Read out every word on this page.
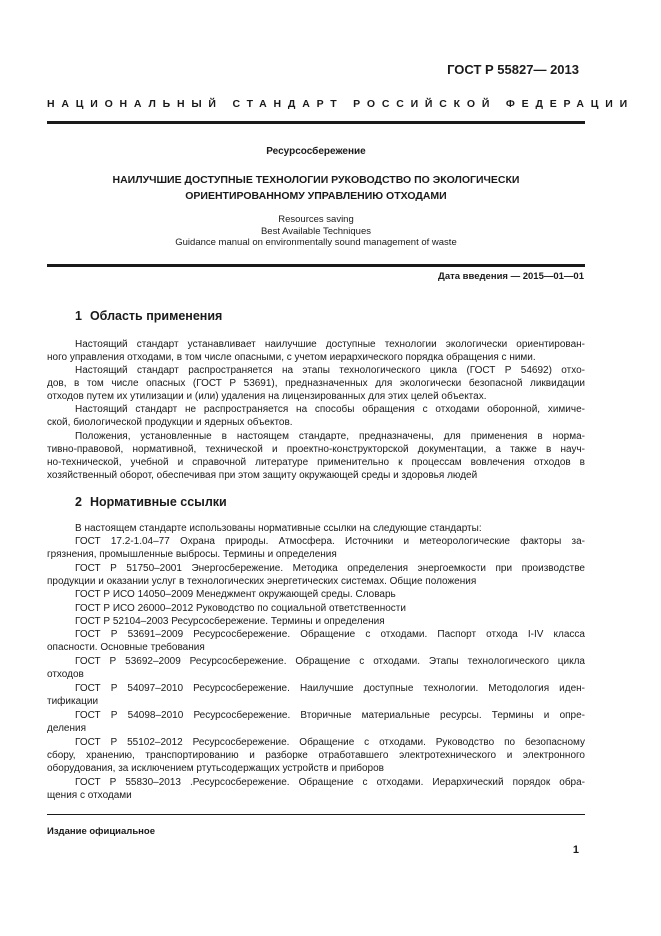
ГОСТ Р 55827— 2013
НАЦИОНАЛЬНЫЙ СТАНДАРТ РОССИЙСКОЙ ФЕДЕРАЦИИ
Ресурсосбережение
НАИЛУЧШИЕ ДОСТУПНЫЕ ТЕХНОЛОГИИ РУКОВОДСТВО ПО ЭКОЛОГИЧЕСКИ
ОРИЕНТИРОВАННОМУ УПРАВЛЕНИЮ ОТХОДАМИ
Resources saving
Best Available Techniques
Guidance manual on environmentally sound management of waste
Дата введения — 2015—01—01
1 Область применения
Настоящий стандарт устанавливает наилучшие доступные технологии экологически ориентирован-
ного управления отходами, в том числе опасными, с учетом иерархического порядка обращения с ними.
Настоящий стандарт распространяется на этапы технологического цикла (ГОСТ Р 54692) отхо-
дов, в том числе опасных (ГОСТ Р 53691), предназначенных для экологически безопасной ликвидации
отходов путем их утилизации и (или) удаления на лицензированных для этих целей объектах.
Настоящий стандарт не распространяется на способы обращения с отходами оборонной, химиче-
ской, биологической продукции и ядерных объектов.
Положения, установленные в настоящем стандарте, предназначены, для применения в норма-
тивно-правовой, нормативной, технической и проектно-конструкторской документации, а также в науч-
но-технической, учебной и справочной литературе применительно к процессам вовлечения отходов в
хозяйственный оборот, обеспечивая при этом защиту окружающей среды и здоровья людей
2 Нормативные ссылки
В настоящем стандарте использованы нормативные ссылки на следующие стандарты:
ГОСТ 17.2-1.04–77 Охрана природы. Атмосфера. Источники и метеорологические факторы за-
грязнения, промышленные выбросы. Термины и определения
ГОСТ Р 51750–2001 Энергосбережение. Методика определения энергоемкости при производстве
продукции и оказании услуг в технологических энергетических системах. Общие положения
ГОСТ Р ИСО 14050–2009 Менеджмент окружающей среды. Словарь
ГОСТ Р ИСО 26000–2012 Руководство по социальной ответственности
ГОСТ Р 52104–2003 Ресурсосбережение. Термины и определения
ГОСТ Р 53691–2009 Ресурсосбережение. Обращение с отходами. Паспорт отхода I-IV класса
опасности. Основные требования
ГОСТ Р 53692–2009 Ресурсосбережение. Обращение с отходами. Этапы технологического цикла
отходов
ГОСТ Р 54097–2010 Ресурсосбережение. Наилучшие доступные технологии. Методология иден-
тификации
ГОСТ Р 54098–2010 Ресурсосбережение. Вторичные материальные ресурсы. Термины и опре-
деления
ГОСТ Р 55102–2012 Ресурсосбережение. Обращение с отходами. Руководство по безопасному
сбору, хранению, транспортированию и разборке отработавшего электротехнического и электронного
оборудования, за исключением ртутьсодержащих устройств и приборов
ГОСТ Р 55830–2013 .Ресурсосбережение. Обращение с отходами. Иерархический порядок обра-
щения с отходами
Издание официальное
1
